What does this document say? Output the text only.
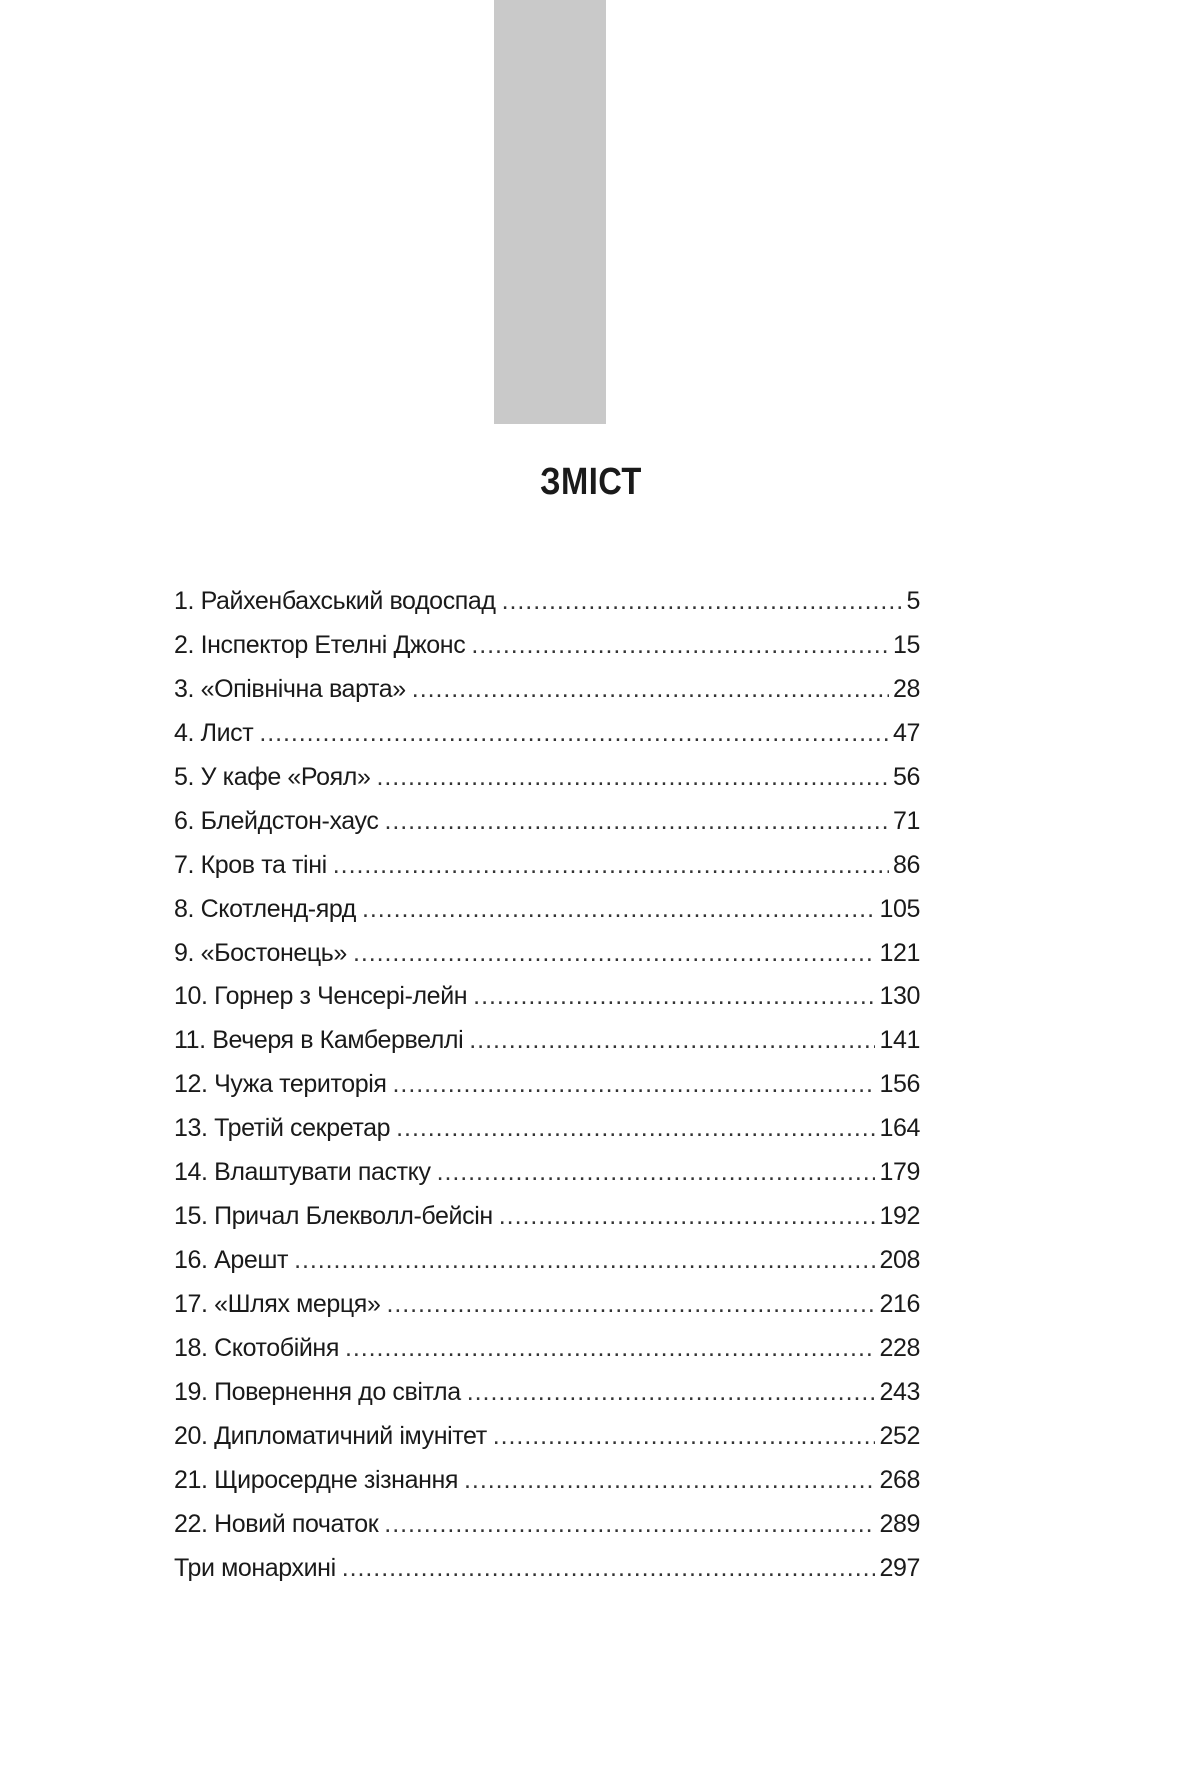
ЗМІСТ
1. Райхенбахський водоспад . . .	5
2. Інспектор Етелні Джонс . . .	15
3. «Опівнічна варта» . . .	28
4. Лист . . .	47
5. У кафе «Роял» . . .	56
6. Блейдстон-хаус . . .	71
7. Кров та тіні . . .	86
8. Скотленд-ярд . . .	105
9. «Бостонець» . . .	121
10. Горнер з Ченсері-лейн . . .	130
11. Вечеря в Камбервеллі . . .	141
12. Чужа територія . . .	156
13. Третій секретар . . .	164
14. Влаштувати пастку . . .	179
15. Причал Блекволл-бейсін . . .	192
16. Арешт . . .	208
17. «Шлях мерця» . . .	216
18. Скотобійня . . .	228
19. Повернення до світла . . .	243
20. Дипломатичний імунітет . . .	252
21. Щиросердне зізнання . . .	268
22. Новий початок . . .	289
Три монархині . . .	297
